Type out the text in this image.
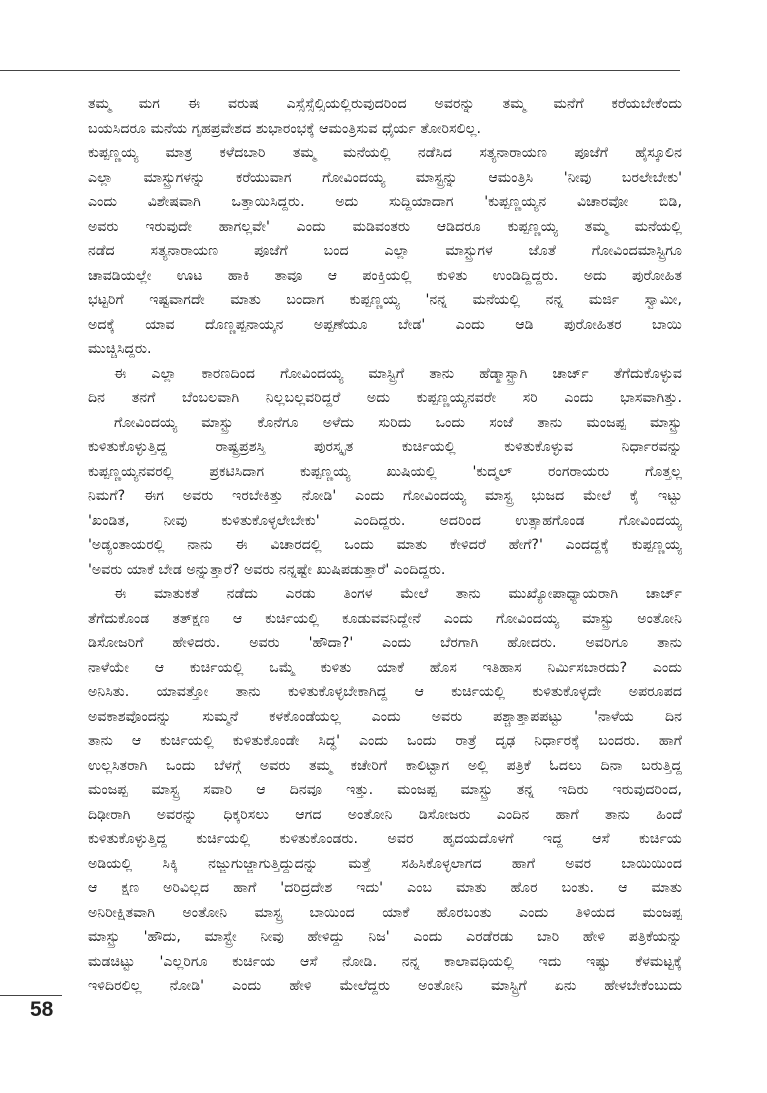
ತಮ್ಮ ಮಗ ಈ ವರುಷ ಎಸ್ಸೆಸ್ಸೆಲ್ಸಿಯಲ್ಲಿರುವುದರಿಂದ ಅವರನ್ನು ತಮ್ಮ ಮನೆಗೆ ಕರೆಯಬೇಕೆಂದು
ಬಯಸಿದರೂ ಮನೆಯ ಗೃಹಪ್ರವೇಶದ ಶುಭಾರಂಭಕ್ಕೆ ಆಮಂತ್ರಿಸುವ ಧೈರ್ಯ ತೋರಿಸಲಿಲ್ಲ.
ಕುಪ್ಪಣ್ಣಯ್ಯ ಮಾತ್ರ ಕಳೆದಬಾರಿ ತಮ್ಮ ಮನೆಯಲ್ಲಿ ನಡೆಸಿದ ಸತ್ಯನಾರಾಯಣ ಪೂಜೆಗೆ ಹೈಸ್ಕೂಲಿನ
ಎಲ್ಲಾ ಮಾಸ್ಟ್ರುಗಳನ್ನು ಕರೆಯುವಾಗ ಗೋವಿಂದಯ್ಯ ಮಾಸ್ಟ್ರನ್ನು ಆಮಂತ್ರಿಸಿ 'ನೀವು ಬರಲೇಬೇಕು'
ಎಂದು ವಿಶೇಷವಾಗಿ ಒತ್ತಾಯಿಸಿದ್ದರು. ಅದು ಸುದ್ದಿಯಾದಾಗ 'ಕುಪ್ಪಣ್ಣಯ್ಯನ ವಿಚಾರವೋ ಬಿಡಿ,
ಅವರು ಇರುವುದೇ ಹಾಗಲ್ಲವೇ' ಎಂದು ಮಡಿವಂತರು ಆಡಿದರೂ ಕುಪ್ಪಣ್ಣಯ್ಯ ತಮ್ಮ ಮನೆಯಲ್ಲಿ
ನಡೆದ ಸತ್ಯನಾರಾಯಣ ಪೂಜೆಗೆ ಬಂದ ಎಲ್ಲಾ ಮಾಸ್ಟ್ರುಗಳ ಜೊತೆ ಗೋವಿಂದಮಾಸ್ಟ್ರಿಗೂ
ಚಾವಡಿಯಲ್ಲೇ ಊಟ ಹಾಕಿ ತಾವೂ ಆ ಪಂಕ್ತಿಯಲ್ಲಿ ಕುಳಿತು ಉಂಡಿದ್ದಿದ್ದರು. ಅದು ಪುರೋಹಿತ
ಭಟ್ಟರಿಗೆ ಇಷ್ಟವಾಗದೇ ಮಾತು ಬಂದಾಗ ಕುಪ್ಪಣ್ಣಯ್ಯ 'ನನ್ನ ಮನೆಯಲ್ಲಿ ನನ್ನ ಮರ್ಜಿ ಸ್ವಾಮೀ,
ಅದಕ್ಕೆ ಯಾವ ದೊಣ್ಣಪ್ಪನಾಯ್ಕನ ಅಪ್ಪಣೆಯೂ ಬೇಡ' ಎಂದು ಆಡಿ ಪುರೋಹಿತರ ಬಾಯಿ
ಮುಚ್ಚಿಸಿದ್ದರು.
ಈ ಎಲ್ಲಾ ಕಾರಣದಿಂದ ಗೋವಿಂದಯ್ಯ ಮಾಸ್ಟ್ರಿಗೆ ತಾನು ಹೆಡ್ಮಾಸ್ಟ್ರಾಗಿ ಚಾರ್ಜ್ ತೆಗೆದುಕೊಳ್ಳುವ
ದಿನ ತನಗೆ ಬೆಂಬಲವಾಗಿ ನಿಲ್ಲಬಲ್ಲವರಿದ್ದರೆ ಅದು ಕುಪ್ಪಣ್ಣಯ್ಯನವರೇ ಸರಿ ಎಂದು ಭಾಸವಾಗಿತ್ತು.
ಗೋವಿಂದಯ್ಯ ಮಾಸ್ಟ್ರು ಕೊನೆಗೂ ಅಳೆದು ಸುರಿದು ಒಂದು ಸಂಜೆ ತಾನು ಮಂಜಪ್ಪ ಮಾಸ್ಟ್ರು
ಕುಳಿತುಕೊಳ್ಳುತ್ತಿದ್ದ ರಾಷ್ಟ್ರಪ್ರಶಸ್ತಿ ಪುರಸ್ಕೃತ ಕುರ್ಚಿಯಲ್ಲಿ ಕುಳಿತುಕೊಳ್ಳುವ ನಿರ್ಧಾರವನ್ನು
ಕುಪ್ಪಣ್ಣಯ್ಯನವರಲ್ಲಿ ಪ್ರಕಟಿಸಿದಾಗ ಕುಪ್ಪಣ್ಣಯ್ಯ ಖುಷಿಯಲ್ಲಿ 'ಕುದ್ಮಲ್ ರಂಗರಾಯರು ಗೊತ್ತಲ್ಲ
ನಿಮಗೆ? ಈಗ ಅವರು ಇರಬೇಕಿತ್ತು ನೋಡಿ' ಎಂದು ಗೋವಿಂದಯ್ಯ ಮಾಸ್ಟ್ರ ಭುಜದ ಮೇಲೆ ಕೈ ಇಟ್ಟು
'ಖಂಡಿತ, ನೀವು ಕುಳಿತುಕೊಳ್ಳಲೇಬೇಕು' ಎಂದಿದ್ದರು. ಅದರಿಂದ ಉತ್ಸಾಹಗೊಂಡ ಗೋವಿಂದಯ್ಯ
'ಅಡ್ಯಂತಾಯರಲ್ಲಿ ನಾನು ಈ ವಿಚಾರದಲ್ಲಿ ಒಂದು ಮಾತು ಕೇಳಿದರೆ ಹೇಗೆ?' ಎಂದದ್ದಕ್ಕೆ ಕುಪ್ಪಣ್ಣಯ್ಯ
'ಅವರು ಯಾಕೆ ಬೇಡ ಅನ್ನುತ್ತಾರೆ? ಅವರು ನನ್ನಷ್ಟೇ ಖುಷಿಪಡುತ್ತಾರೆ' ಎಂದಿದ್ದರು.
ಈ ಮಾತುಕತೆ ನಡೆದು ಎರಡು ತಿಂಗಳ ಮೇಲೆ ತಾನು ಮುಖ್ಯೋಪಾಧ್ಯಾಯರಾಗಿ ಚಾರ್ಜ್
ತೆಗೆದುಕೊಂಡ ತತ್ಕ್ಷಣ ಆ ಕುರ್ಚಿಯಲ್ಲಿ ಕೂಡುವವನಿದ್ದೇನೆ ಎಂದು ಗೋವಿಂದಯ್ಯ ಮಾಸ್ಟ್ರು ಅಂತೋನಿ
ಡಿಸೋಜರಿಗೆ ಹೇಳಿದರು. ಅವರು 'ಹೌದಾ?' ಎಂದು ಬೆರಗಾಗಿ ಹೋದರು. ಅವರಿಗೂ ತಾನು
ನಾಳೆಯೇ ಆ ಕುರ್ಚಿಯಲ್ಲಿ ಒಮ್ಮೆ ಕುಳಿತು ಯಾಕೆ ಹೊಸ ಇತಿಹಾಸ ನಿರ್ಮಿಸಬಾರದು? ಎಂದು
ಅನಿಸಿತು. ಯಾವತ್ತೋ ತಾನು ಕುಳಿತುಕೊಳ್ಳಬೇಕಾಗಿದ್ದ ಆ ಕುರ್ಚಿಯಲ್ಲಿ ಕುಳಿತುಕೊಳ್ಳದೇ ಅಪರೂಪದ
ಅವಕಾಶವೊಂದನ್ನು ಸುಮ್ಮನೆ ಕಳಕೊಂಡೆಯಲ್ಲ ಎಂದು ಅವರು ಪಶ್ಚಾತ್ತಾಪಪಟ್ಟು 'ನಾಳೆಯ ದಿನ
ತಾನು ಆ ಕುರ್ಚಿಯಲ್ಲಿ ಕುಳಿತುಕೊಂಡೇ ಸಿದ್ಧ' ಎಂದು ಒಂದು ರಾತ್ರೆ ದೃಢ ನಿರ್ಧಾರಕ್ಕೆ ಬಂದರು. ಹಾಗೆ
ಉಲ್ಲಸಿತರಾಗಿ ಒಂದು ಬೆಳಗ್ಗೆ ಅವರು ತಮ್ಮ ಕಚೇರಿಗೆ ಕಾಲಿಟ್ಟಾಗ ಅಲ್ಲಿ ಪತ್ರಿಕೆ ಓದಲು ದಿನಾ ಬರುತ್ತಿದ್ದ
ಮಂಜಪ್ಪ ಮಾಸ್ಟ್ರ ಸವಾರಿ ಆ ದಿನವೂ ಇತ್ತು. ಮಂಜಪ್ಪ ಮಾಸ್ಟ್ರು ತನ್ನ ಇದಿರು ಇರುವುದರಿಂದ,
ದಿಢೀರಾಗಿ ಅವರನ್ನು ಧಿಕ್ಕರಿಸಲು ಆಗದ ಅಂತೋನಿ ಡಿಸೋಜರು ಎಂದಿನ ಹಾಗೆ ತಾನು ಹಿಂದೆ
ಕುಳಿತುಕೊಳ್ಳುತ್ತಿದ್ದ ಕುರ್ಚಿಯಲ್ಲಿ ಕುಳಿತುಕೊಂಡರು. ಅವರ ಹೃದಯದೊಳಗೆ ಇದ್ದ ಆಸೆ ಕುರ್ಚಿಯ
ಅಡಿಯಲ್ಲಿ ಸಿಕ್ಕಿ ನಜ್ಜುಗುಜ್ಜಾಗುತ್ತಿದ್ದುದನ್ನು ಮತ್ತೆ ಸಹಿಸಿಕೊಳ್ಳಲಾಗದ ಹಾಗೆ ಅವರ ಬಾಯಿಯಿಂದ
ಆ ಕ್ಷಣ ಅರಿವಿಲ್ಲದ ಹಾಗೆ 'ದರಿದ್ರದೇಶ ಇದು' ಎಂಬ ಮಾತು ಹೊರ ಬಂತು. ಆ ಮಾತು
ಅನಿರೀಕ್ಷಿತವಾಗಿ ಅಂತೋನಿ ಮಾಸ್ಟ್ರ ಬಾಯಿಂದ ಯಾಕೆ ಹೊರಬಂತು ಎಂದು ತಿಳಿಯದ ಮಂಜಪ್ಪ
ಮಾಸ್ಟ್ರು 'ಹೌದು, ಮಾಸ್ಟ್ರೇ ನೀವು ಹೇಳಿದ್ದು ನಿಜ' ಎಂದು ಎರಡೆರಡು ಬಾರಿ ಹೇಳಿ ಪತ್ರಿಕೆಯನ್ನು
ಮಡಚಿಟ್ಟು 'ಎಲ್ಲರಿಗೂ ಕುರ್ಚಿಯ ಆಸೆ ನೋಡಿ. ನನ್ನ ಕಾಲಾವಧಿಯಲ್ಲಿ ಇದು ಇಷ್ಟು ಕೆಳಮಟ್ಟಕ್ಕೆ
ಇಳಿದಿರಲಿಲ್ಲ ನೋಡಿ' ಎಂದು ಹೇಳಿ ಮೇಲೆದ್ದರು ಅಂತೋನಿ ಮಾಸ್ಟ್ರಿಗೆ ಏನು ಹೇಳಬೇಕೆಂಬುದು
58
